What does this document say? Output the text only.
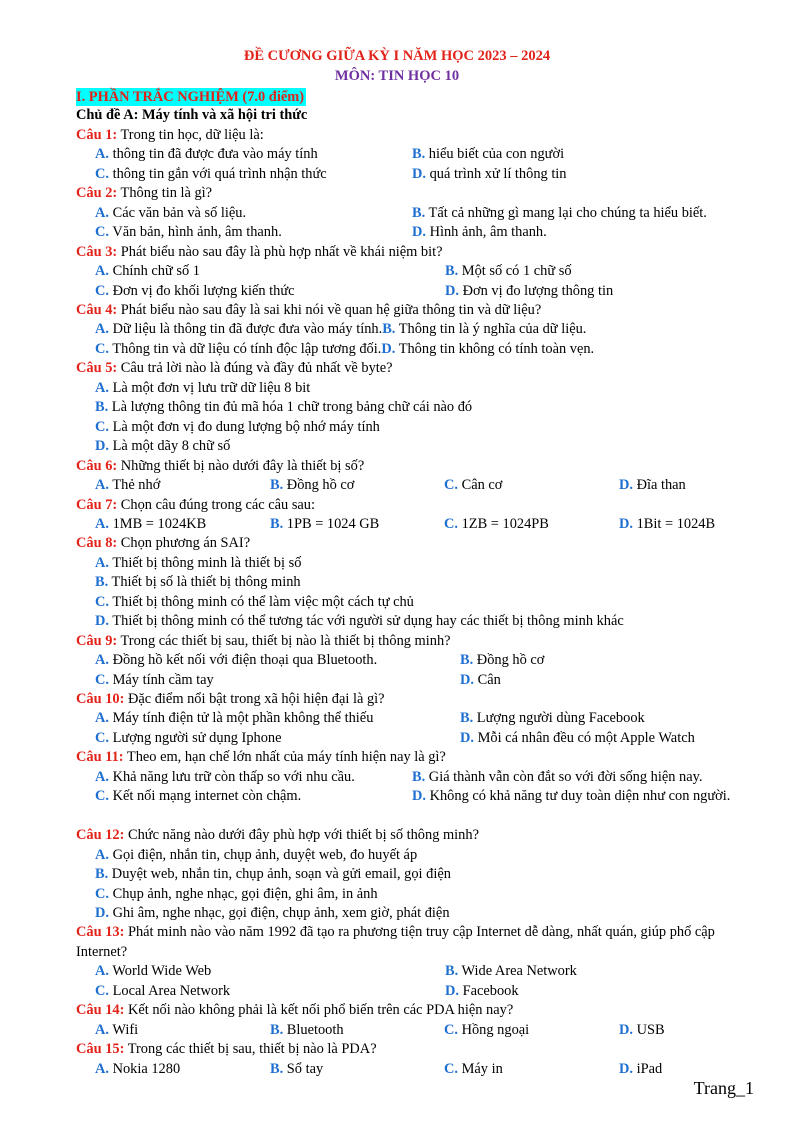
ĐỀ CƯƠNG GIỮA KỲ I NĂM HỌC 2023 – 2024
MÔN: TIN HỌC 10
I. PHẦN TRẮC NGHIỆM (7.0 điểm)
Chủ đề A: Máy tính và xã hội tri thức
Câu 1: Trong tin học, dữ liệu là:
A. thông tin đã được đưa vào máy tính	B. hiểu biết của con người
C. thông tin gắn với quá trình nhận thức	D. quá trình xử lí thông tin
Câu 2: Thông tin là gì?
A. Các văn bản và số liệu.	B. Tất cả những gì mang lại cho chúng ta hiểu biết.
C. Văn bản, hình ảnh, âm thanh.	D. Hình ảnh, âm thanh.
Câu 3: Phát biểu nào sau đây là phù hợp nhất về khái niệm bit?
A. Chính chữ số 1	B. Một số có 1 chữ số
C. Đơn vị đo khối lượng kiến thức	D. Đơn vị đo lượng thông tin
Câu 4: Phát biểu nào sau đây là sai khi nói về quan hệ giữa thông tin và dữ liệu?
A. Dữ liệu là thông tin đã được đưa vào máy tính.B. Thông tin là ý nghĩa của dữ liệu.
C. Thông tin và dữ liệu có tính độc lập tương đối.D. Thông tin không có tính toàn vẹn.
Câu 5: Câu trả lời nào là đúng và đầy đủ nhất về byte?
A. Là một đơn vị lưu trữ dữ liệu 8 bit
B. Là lượng thông tin đủ mã hóa 1 chữ trong bảng chữ cái nào đó
C. Là một đơn vị đo dung lượng bộ nhớ máy tính
D. Là một dãy 8 chữ số
Câu 6: Những thiết bị nào dưới đây là thiết bị số?
A. Thẻ nhớ	B. Đồng hồ cơ	C. Cân cơ	D. Đĩa than
Câu 7: Chọn câu đúng trong các câu sau:
A. 1MB = 1024KB	B. 1PB = 1024 GB	C. 1ZB = 1024PB	D. 1Bit = 1024B
Câu 8: Chọn phương án SAI?
A. Thiết bị thông minh là thiết bị số
B. Thiết bị số là thiết bị thông minh
C. Thiết bị thông minh có thể làm việc một cách tự chủ
D. Thiết bị thông minh có thể tương tác với người sử dụng hay các thiết bị thông minh khác
Câu 9: Trong các thiết bị sau, thiết bị nào là thiết bị thông minh?
A. Đồng hồ kết nối với điện thoại qua Bluetooth.	B. Đồng hồ cơ
C. Máy tính cầm tay	D. Cân
Câu 10: Đặc điểm nổi bật trong xã hội hiện đại là gì?
A. Máy tính điện tử là một phần không thể thiếu	B. Lượng người dùng Facebook
C. Lượng người sử dụng Iphone	D. Mỗi cá nhân đều có một Apple Watch
Câu 11: Theo em, hạn chế lớn nhất của máy tính hiện nay là gì?
A. Khả năng lưu trữ còn thấp so với nhu cầu.	B. Giá thành vẫn còn đắt so với đời sống hiện nay.
C. Kết nối mạng internet còn chậm.	D. Không có khả năng tư duy toàn diện như con người.
Câu 12: Chức năng nào dưới đây phù hợp với thiết bị số thông minh?
A. Gọi điện, nhắn tin, chụp ảnh, duyệt web, đo huyết áp
B. Duyệt web, nhắn tin, chụp ảnh, soạn và gửi email, gọi điện
C. Chụp ảnh, nghe nhạc, gọi điện, ghi âm, in ảnh
D. Ghi âm, nghe nhạc, gọi điện, chụp ảnh, xem giờ, phát điện
Câu 13: Phát minh nào vào năm 1992 đã tạo ra phương tiện truy cập Internet dễ dàng, nhất quán, giúp phổ cập Internet?
A. World Wide Web	B. Wide Area Network
C. Local Area Network	D. Facebook
Câu 14: Kết nối nào không phải là kết nối phổ biến trên các PDA hiện nay?
A. Wifi	B. Bluetooth	C. Hồng ngoại	D. USB
Câu 15: Trong các thiết bị sau, thiết bị nào là PDA?
A. Nokia 1280	B. Sổ tay	C. Máy in	D. iPad
Trang_1
